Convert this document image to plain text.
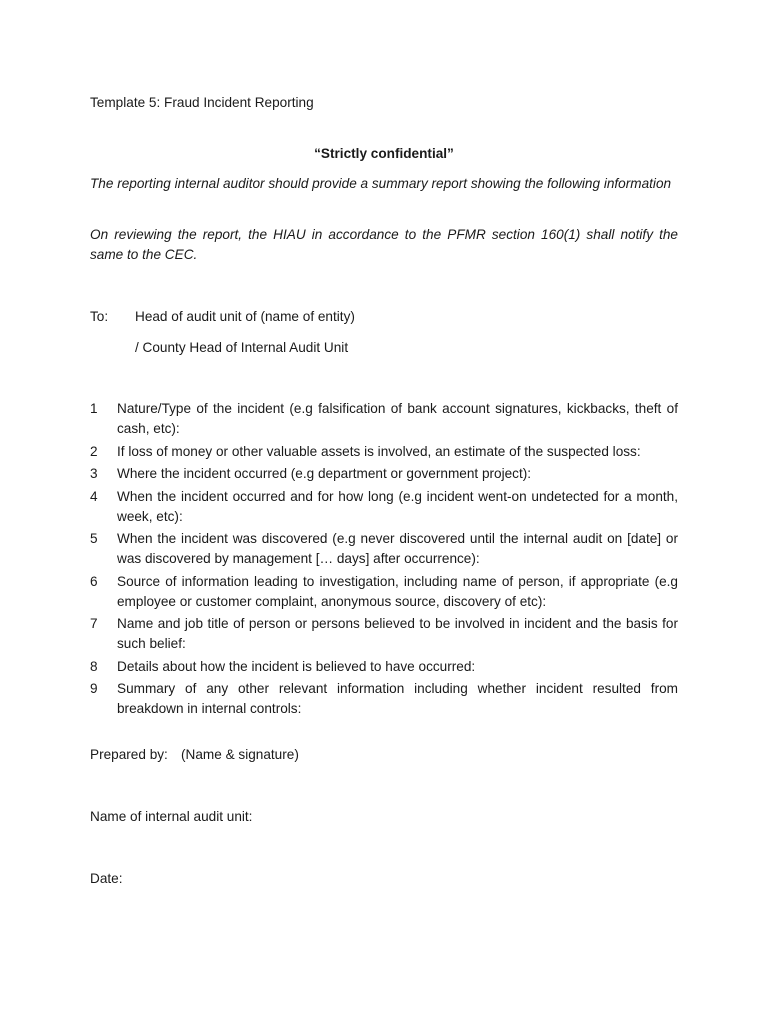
Template 5: Fraud Incident Reporting

“Strictly confidential”

The reporting internal auditor should provide a summary report showing the following information

On reviewing the report, the HIAU in accordance to the PFMR section 160(1) shall notify the same to the CEC.

To: Head of audit unit of (name of entity)

/ County Head of Internal Audit Unit

1	Nature/Type of the incident (e.g falsification of bank account signatures, kickbacks, theft of cash, etc):
2	If loss of money or other valuable assets is involved, an estimate of the suspected loss:
3	Where the incident occurred (e.g department or government project):
4	When the incident occurred and for how long (e.g incident went-on undetected for a month, week, etc):
5	When the incident was discovered (e.g never discovered until the internal audit on [date] or was discovered by management [… days] after occurrence):
6	Source of information leading to investigation, including name of person, if appropriate (e.g employee or customer complaint, anonymous source, discovery of etc):
7	Name and job title of person or persons believed to be involved in incident and the basis for such belief:
8	Details about how the incident is believed to have occurred:
9	Summary of any other relevant information including whether incident resulted from breakdown in internal controls:

Prepared by: (Name & signature)

Name of internal audit unit:

Date:
